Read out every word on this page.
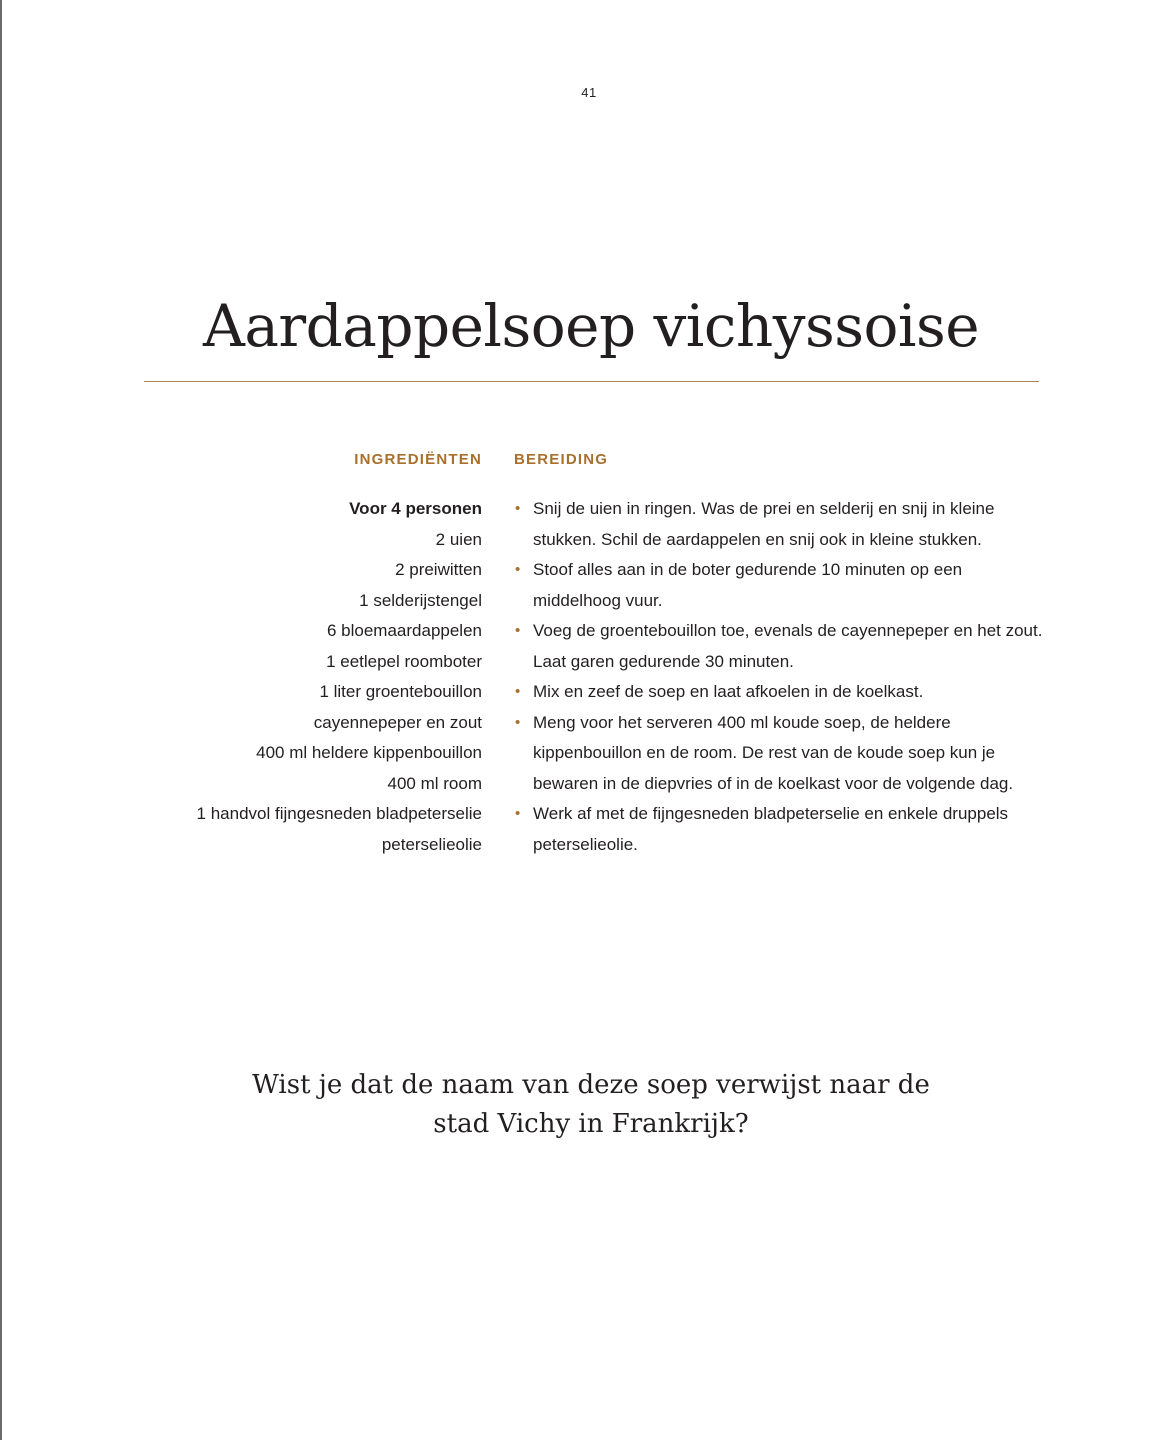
41
Aardappelsoep vichyssoise
INGREDIËNTEN
Voor 4 personen
2 uien
2 preiwitten
1 selderijstengel
6 bloemaardappelen
1 eetlepel roomboter
1 liter groentebouillon
cayennepeper en zout
400 ml heldere kippenbouillon
400 ml room
1 handvol fijngesneden bladpeterselie
peterselieolie
BEREIDING
• Snij de uien in ringen. Was de prei en selderij en snij in kleine stukken. Schil de aardappelen en snij ook in kleine stukken.
• Stoof alles aan in de boter gedurende 10 minuten op een middelhoog vuur.
• Voeg de groentebouillon toe, evenals de cayennepeper en het zout. Laat garen gedurende 30 minuten.
• Mix en zeef de soep en laat afkoelen in de koelkast.
• Meng voor het serveren 400 ml koude soep, de heldere kippenbouillon en de room. De rest van de koude soep kun je bewaren in de diepvries of in de koelkast voor de volgende dag.
• Werk af met de fijngesneden bladpeterselie en enkele druppels peterselieolie.

Wist je dat de naam van deze soep verwijst naar de
stad Vichy in Frankrijk?
